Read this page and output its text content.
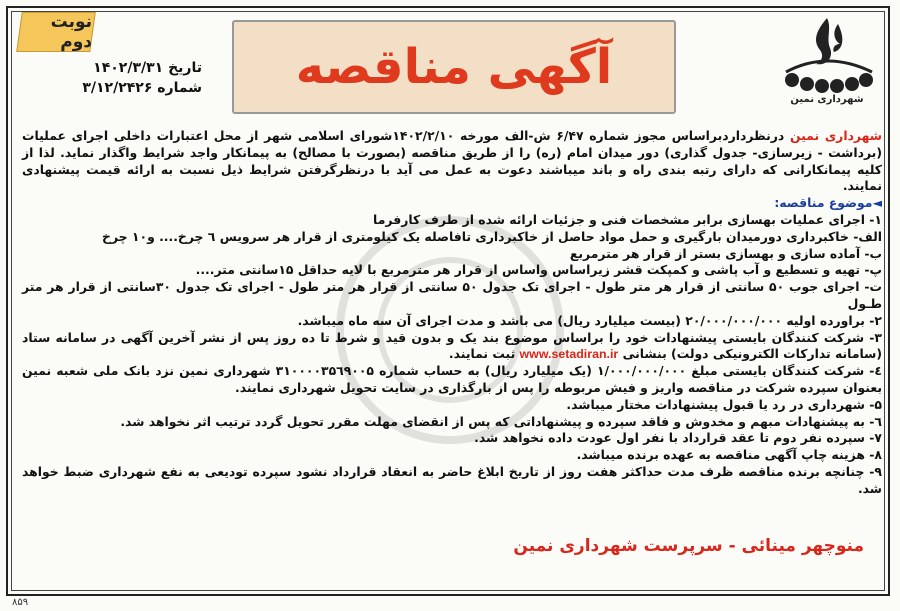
نوبت دوم
تاریخ ۱۴۰۲/۳/۳۱
شماره ۳/۱۲/۲۴۲۶ آگهی مناقصه
شهرداری نمین

شهرداری نمین درنظرداردبراساس مجوز شماره ۶/۴۷ ش-الف مورخه ۱۴۰۲/۲/۱۰شورای اسلامی شهر از محل اعتبارات داخلی اجرای عملیات (برداشت - زیرسازی- جدول گذاری) دور میدان امام (ره) را از طریق مناقصه (بصورت با مصالح) به پیمانکار واجد شرایط واگذار نماید. لذا از کلیه پیمانکارانی که دارای رتبه بندی راه و باند میباشند دعوت به عمل می آید با درنظرگرفتن شرایط ذیل نسبت به ارائه قیمت پیشنهادی نمایند.

◄موضوع مناقصه:

۱- اجرای عملیات بهسازی برابر مشخصات فنی و جزئیات ارائه شده از طرف کارفرما

الف- خاکبرداری دورمیدان بارگیری و حمل مواد حاصل از خاکبرداری تافاصله یک کیلومتری از قرار هر سرویس ٦ چرخ.... و۱۰ چرخ

ب- آماده سازی و بهسازی بستر از قرار هر مترمربع

پ- تهیه و تسطیع و آب پاشی و کمپکت قشر زیراساس واساس از قرار هر مترمربع با لایه حداقل ۱۵سانتی متر....

ت- اجرای جوب ۵۰ سانتی از قرار هر متر طول - اجرای تک جدول ۵۰ سانتی از قرار هر متر طول - اجرای تک جدول ۳۰سانتی از قرار هر متر طـول

۲- براورده اولیه ۲۰/۰۰۰/۰۰۰/۰۰۰ (بیست میلیارد ریال) می باشد و مدت اجرای آن سه ماه میباشد.

۳- شرکت کنندگان بایستی پیشنهادات خود را براساس موضوع بند یک و بدون قید و شرط تا ده روز پس از نشر آخرین آگهی در سامانه ستاد (سامانه تدارکات الکترونیکی دولت) بنشانی www.setadiran.ir ثبت نمایند.

٤- شرکت کنندگان بایستی مبلغ ۱/۰۰۰/۰۰۰/۰۰۰ (یک میلیارد ریال) به حساب شماره ۳۱۰۰۰۰۳۵٦۹۰۰۵ شهرداری نمین نزد بانک ملی شعبه نمین بعنوان سپرده شرکت در مناقصه واریز و فیش مربوطه را پس از بارگذاری در سایت تحویل شهرداری نمایند.

۵- شهرداری در رد یا قبول پیشنهادات مختار میباشد.

٦- به پیشنهادات مبهم و مخدوش و فاقد سپرده و پیشنهاداتی که پس از انقضای مهلت مقرر تحویل گردد ترتیب اثر نخواهد شد.

۷- سپرده نفر دوم تا عقد قرارداد با نفر اول عودت داده نخواهد شد.

۸- هزینه چاپ آگهی مناقصه به عهده برنده میباشد.

۹- چنانچه برنده مناقصه ظرف مدت حداکثر هفت روز از تاریخ ابلاغ حاضر به انعقاد قرارداد نشود سپرده تودیعی به نفع شهرداری ضبط خواهد شد.

منوچهر مینائی - سرپرست شهرداری نمین
۸۵۹
